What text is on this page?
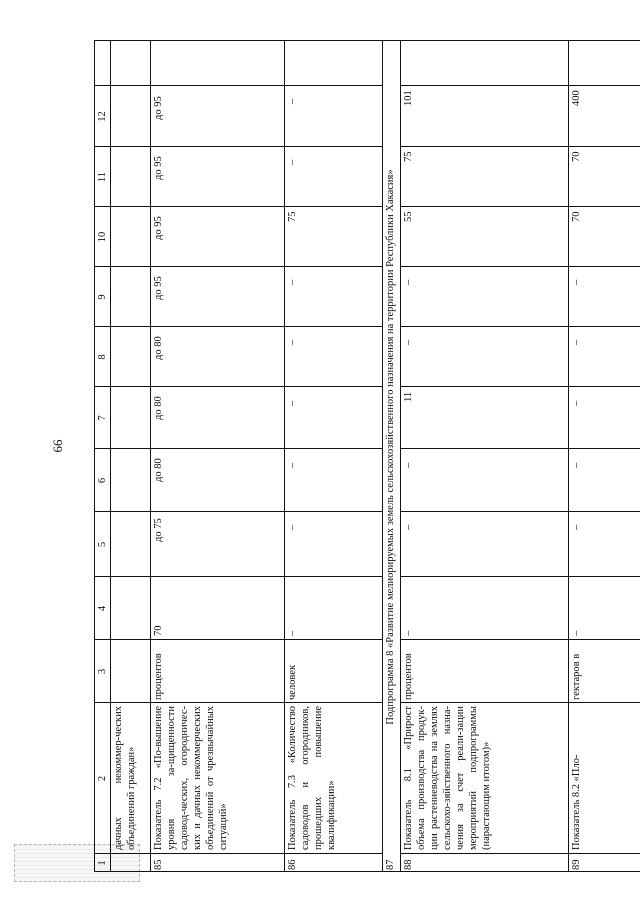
66
1
2
3
4
5
6
7
8
9
10
11
12
дачных некоммер-ческих объединений граждан»
85
Показатель 7.2 «По-вышение уровня за-щищенности садовод-ческих, огородничес-ких и дачных некоммерческих объединений от чрезвычайных ситуаций»
процентов
70
до 75
до 80
до 80
до 80
до 95
до 95
до 95
до 95
86
Показатель 7.3 «Количество садоводов и огородников, прошедших повышение квалификации»
человек
–
–
–
–
–
–
75
–
–
87
Подпрограмма 8 «Развитие мелиорируемых земель сельскохозяйственного назначения на территории Республики Хакасия»
88
Показатель 8.1 «Прирост объема производства продук-ции растениеводства на землях сельскохо-зяйственного назна-чения за счет реали-зации мероприятий подпрограммы (нарастающим итогом)»
процентов
–
–
–
11
–
–
55
75
101
89
Показатель 8.2 «Пло-
гектаров в
–
–
–
–
–
–
70
70
400
